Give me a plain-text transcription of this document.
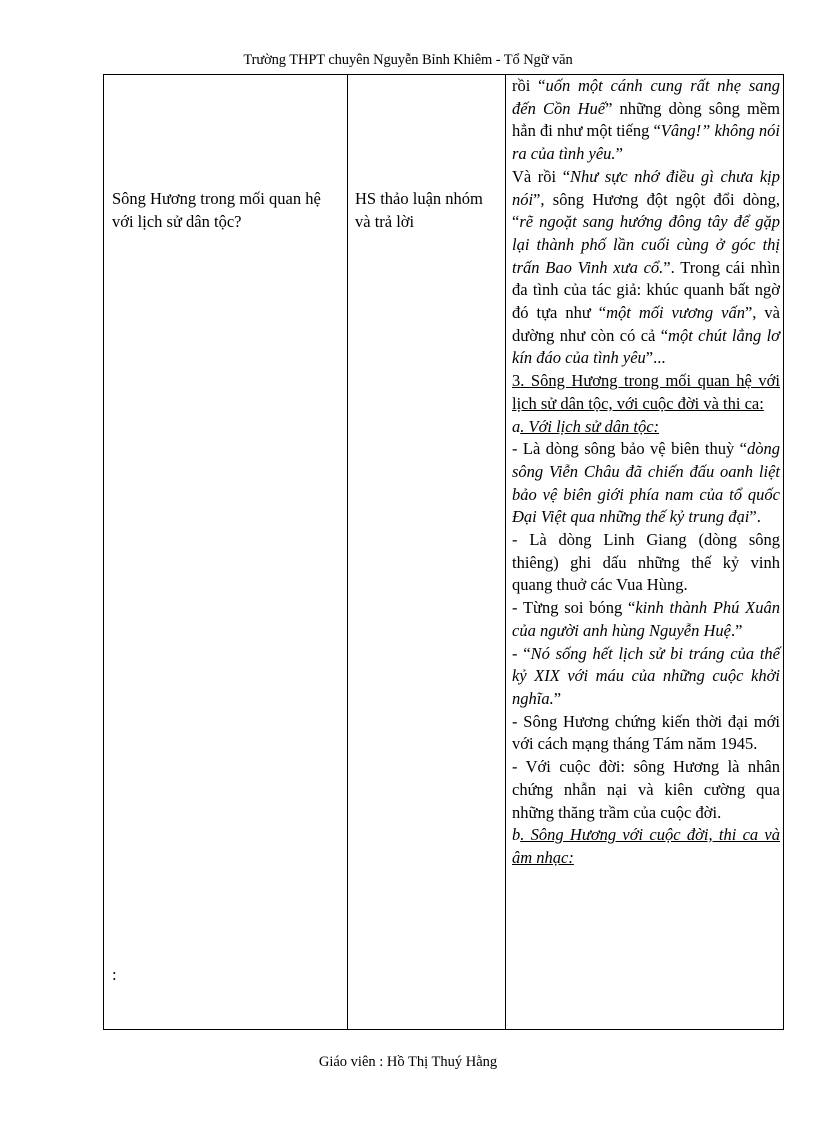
Trường THPT chuyên Nguyễn Bỉnh Khiêm - Tổ Ngữ văn
Sông Hương trong mối quan hệ với lịch sử dân tộc?
:
HS thảo luận nhóm và trả lời

rồi “uốn một cánh cung rất nhẹ sang đến Cồn Huế” những dòng sông mềm hẳn đi như một tiếng “Vâng!” không nói ra của tình yêu.”

Và rồi “Như sực nhớ điều gì chưa kịp nói”, sông Hương đột ngột đổi dòng, “rẽ ngoặt sang hướng đông tây để gặp lại thành phố lần cuối cùng ở góc thị trấn Bao Vinh xưa cổ.”. Trong cái nhìn đa tình của tác giả: khúc quanh bất ngờ đó tựa như “một mối vương vấn”, và dường như còn có cả “một chút lẳng lơ kín đáo của tình yêu”...

3. Sông Hương trong mối quan hệ với lịch sử dân tộc, với cuộc đời và thi ca:

a. Với lịch sử dân tộc:

- Là dòng sông bảo vệ biên thuỳ “dòng sông Viễn Châu đã chiến đấu oanh liệt bảo vệ biên giới phía nam của tổ quốc Đại Việt qua những thế kỷ trung đại”.

- Là dòng Linh Giang (dòng sông thiêng) ghi dấu những thế kỷ vinh quang thuở các Vua Hùng.

- Từng soi bóng “kinh thành Phú Xuân của người anh hùng Nguyễn Huệ.”

- “Nó sống hết lịch sử bi tráng của thế kỷ XIX với máu của những cuộc khởi nghĩa.”

- Sông Hương chứng kiến thời đại mới với cách mạng tháng Tám năm 1945.

- Với cuộc đời: sông Hương là nhân chứng nhẫn nại và kiên cường qua những thăng trầm của cuộc đời.

b. Sông Hương với cuộc đời, thi ca và âm nhạc:

Giáo viên : Hồ Thị Thuý Hằng
